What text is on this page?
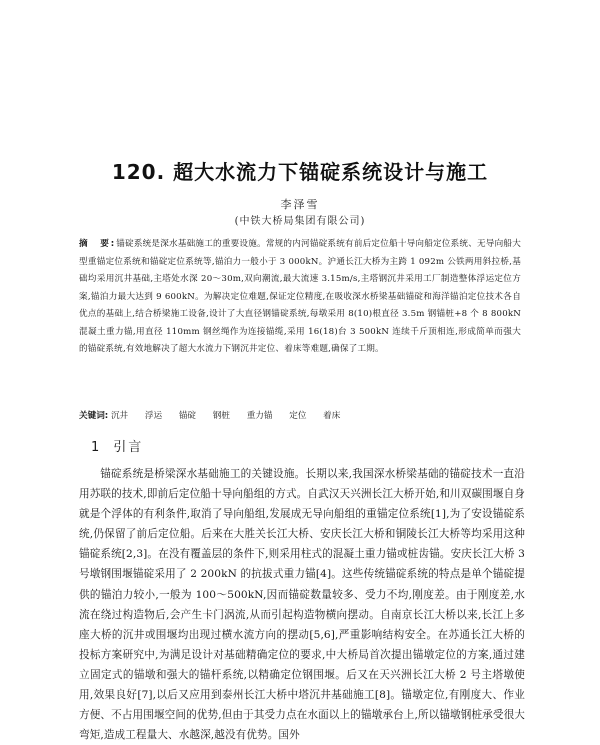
120. 超大水流力下锚碇系统设计与施工
李泽雪
(中铁大桥局集团有限公司)
摘　要:锚碇系统是深水基础施工的重要设施。常规的内河锚碇系统有前后定位船十导向船定位系统、无导向船大型重锚定位系统和锚碇定位系统等,锚泊力一般小于 3 000kN。沪通长江大桥为主跨 1 092m 公铁两用斜拉桥,基础均采用沉井基础,主塔处水深 20～30m,双向潮流,最大流速 3.15m/s,主塔钢沉井采用工厂制造整体浮运定位方案,锚泊力最大达到 9 600kN。为解决定位难题,保证定位精度,在吸收深水桥梁基础锚碇和海洋锚泊定位技术各自优点的基础上,结合桥梁施工设备,设计了大直径钢锚碇系统,每墩采用 8(10)根直径 3.5m 钢锚桩+8 个 8 800kN 混凝土重力锚,用直径 110mm 钢丝绳作为连接锚缆,采用 16(18)台 3 500kN 连续千斤顶相连,形成简单而强大的锚碇系统,有效地解决了超大水流力下钢沉井定位、着床等难题,确保了工期。
关键词: 沉井 浮运 锚碇 钢桩 重力锚 定位 着床
1 引言
锚碇系统是桥梁深水基础施工的关键设施。长期以来,我国深水桥梁基础的锚碇技术一直沿用苏联的技术,即前后定位船十导向船组的方式。自武汉天兴洲长江大桥开始,和川双碳围堰自身就是个浮体的有利条件,取消了导向船组,发展成无导向船组的重锚定位系统[1],为了安设锚碇系统,仍保留了前后定位船。后来在大胜关长江大桥、安庆长江大桥和铜陵长江大桥等均采用这种锚碇系统[2,3]。在没有覆盖层的条件下,则采用柱式的混凝土重力锚或桩齿锚。安庆长江大桥 3 号墩钢围堰锚碇采用了 2 200kN 的抗拔式重力锚[4]。这些传统锚碇系统的特点是单个锚碇提供的锚泊力较小,一般为 100～500kN,因而锚碇数量较多、受力不均,刚度差。由于刚度差,水流在绕过构造物后,会产生卡门涡流,从而引起构造物横向摆动。自南京长江大桥以来,长江上多座大桥的沉井或围堰均出现过横水流方向的摆动[5,6],严重影响结构安全。在苏通长江大桥的投标方案研究中,为满足设计对基础精确定位的要求,中大桥局首次提出锚墩定位的方案,通过建立固定式的锚墩和强大的锚杆系统,以精确定位钢围堰。后又在天兴洲长江大桥 2 号主塔墩使用,效果良好[7],以后又应用到泰州长江大桥中塔沉井基础施工[8]。锚墩定位,有刚度大、作业方便、不占用围堰空间的优势,但由于其受力点在水面以上的锚墩承台上,所以锚墩钢桩承受很大弯矩,造成工程量大、水越深,越没有优势。国外
